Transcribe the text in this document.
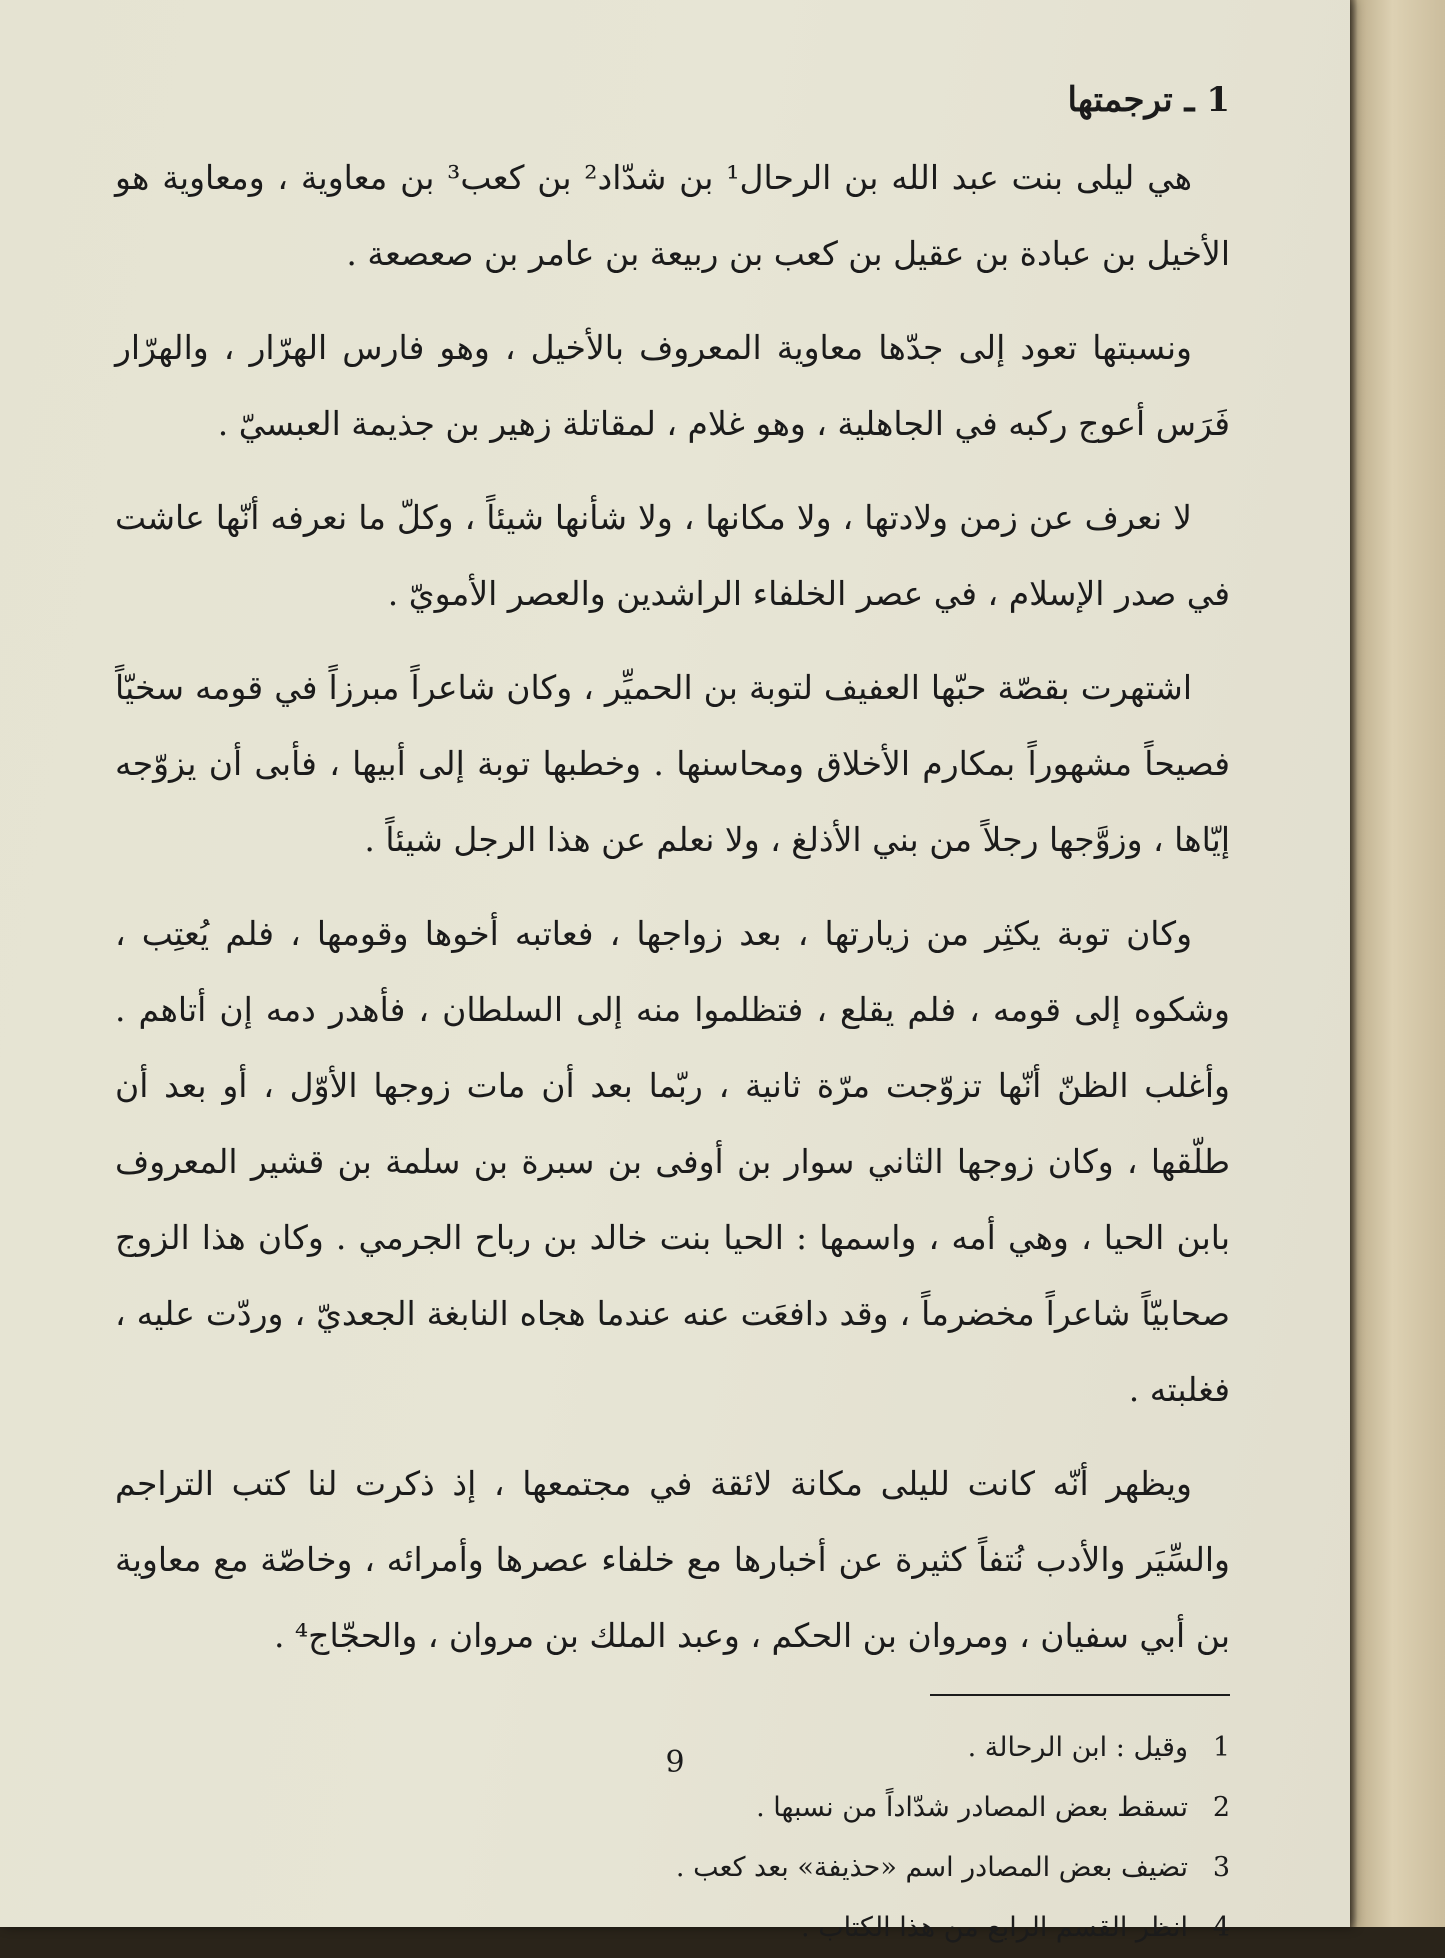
1 ـ ترجمتها

هي ليلى بنت عبد الله بن الرحال¹ بن شدّاد² بن كعب³ بن معاوية ، ومعاوية هو الأخيل بن عبادة بن عقيل بن كعب بن ربيعة بن عامر بن صعصعة .

ونسبتها تعود إلى جدّها معاوية المعروف بالأخيل ، وهو فارس الهرّار ، والهرّار فَرَس أعوج ركبه في الجاهلية ، وهو غلام ، لمقاتلة زهير بن جذيمة العبسيّ .

لا نعرف عن زمن ولادتها ، ولا مكانها ، ولا شأنها شيئاً ، وكلّ ما نعرفه أنّها عاشت في صدر الإسلام ، في عصر الخلفاء الراشدين والعصر الأمويّ .

اشتهرت بقصّة حبّها العفيف لتوبة بن الحميِّر ، وكان شاعراً مبرزاً في قومه سخيّاً فصيحاً مشهوراً بمكارم الأخلاق ومحاسنها . وخطبها توبة إلى أبيها ، فأبى أن يزوّجه إيّاها ، وزوَّجها رجلاً من بني الأذلغ ، ولا نعلم عن هذا الرجل شيئاً .

وكان توبة يكثِر من زيارتها ، بعد زواجها ، فعاتبه أخوها وقومها ، فلم يُعتِب ، وشكوه إلى قومه ، فلم يقلع ، فتظلموا منه إلى السلطان ، فأهدر دمه إن أتاهم . وأغلب الظنّ أنّها تزوّجت مرّة ثانية ، ربّما بعد أن مات زوجها الأوّل ، أو بعد أن طلّقها ، وكان زوجها الثاني سوار بن أوفى بن سبرة بن سلمة بن قشير المعروف بابن الحيا ، وهي أمه ، واسمها : الحيا بنت خالد بن رباح الجرمي . وكان هذا الزوج صحابيّاً شاعراً مخضرماً ، وقد دافعَت عنه عندما هجاه النابغة الجعديّ ، وردّت عليه ، فغلبته .

ويظهر أنّه كانت لليلى مكانة لائقة في مجتمعها ، إذ ذكرت لنا كتب التراجم والسِّيَر والأدب نُتفاً كثيرة عن أخبارها مع خلفاء عصرها وأمرائه ، وخاصّة مع معاوية بن أبي سفيان ، ومروان بن الحكم ، وعبد الملك بن مروان ، والحجّاج⁴ .

1
وقيل : ابن الرحالة .
2
تسقط بعض المصادر شدّاداً من نسبها .
3
تضيف بعض المصادر اسم «حذيفة» بعد كعب .
4
انظر القسم الرابع من هذا الكتاب .
9
